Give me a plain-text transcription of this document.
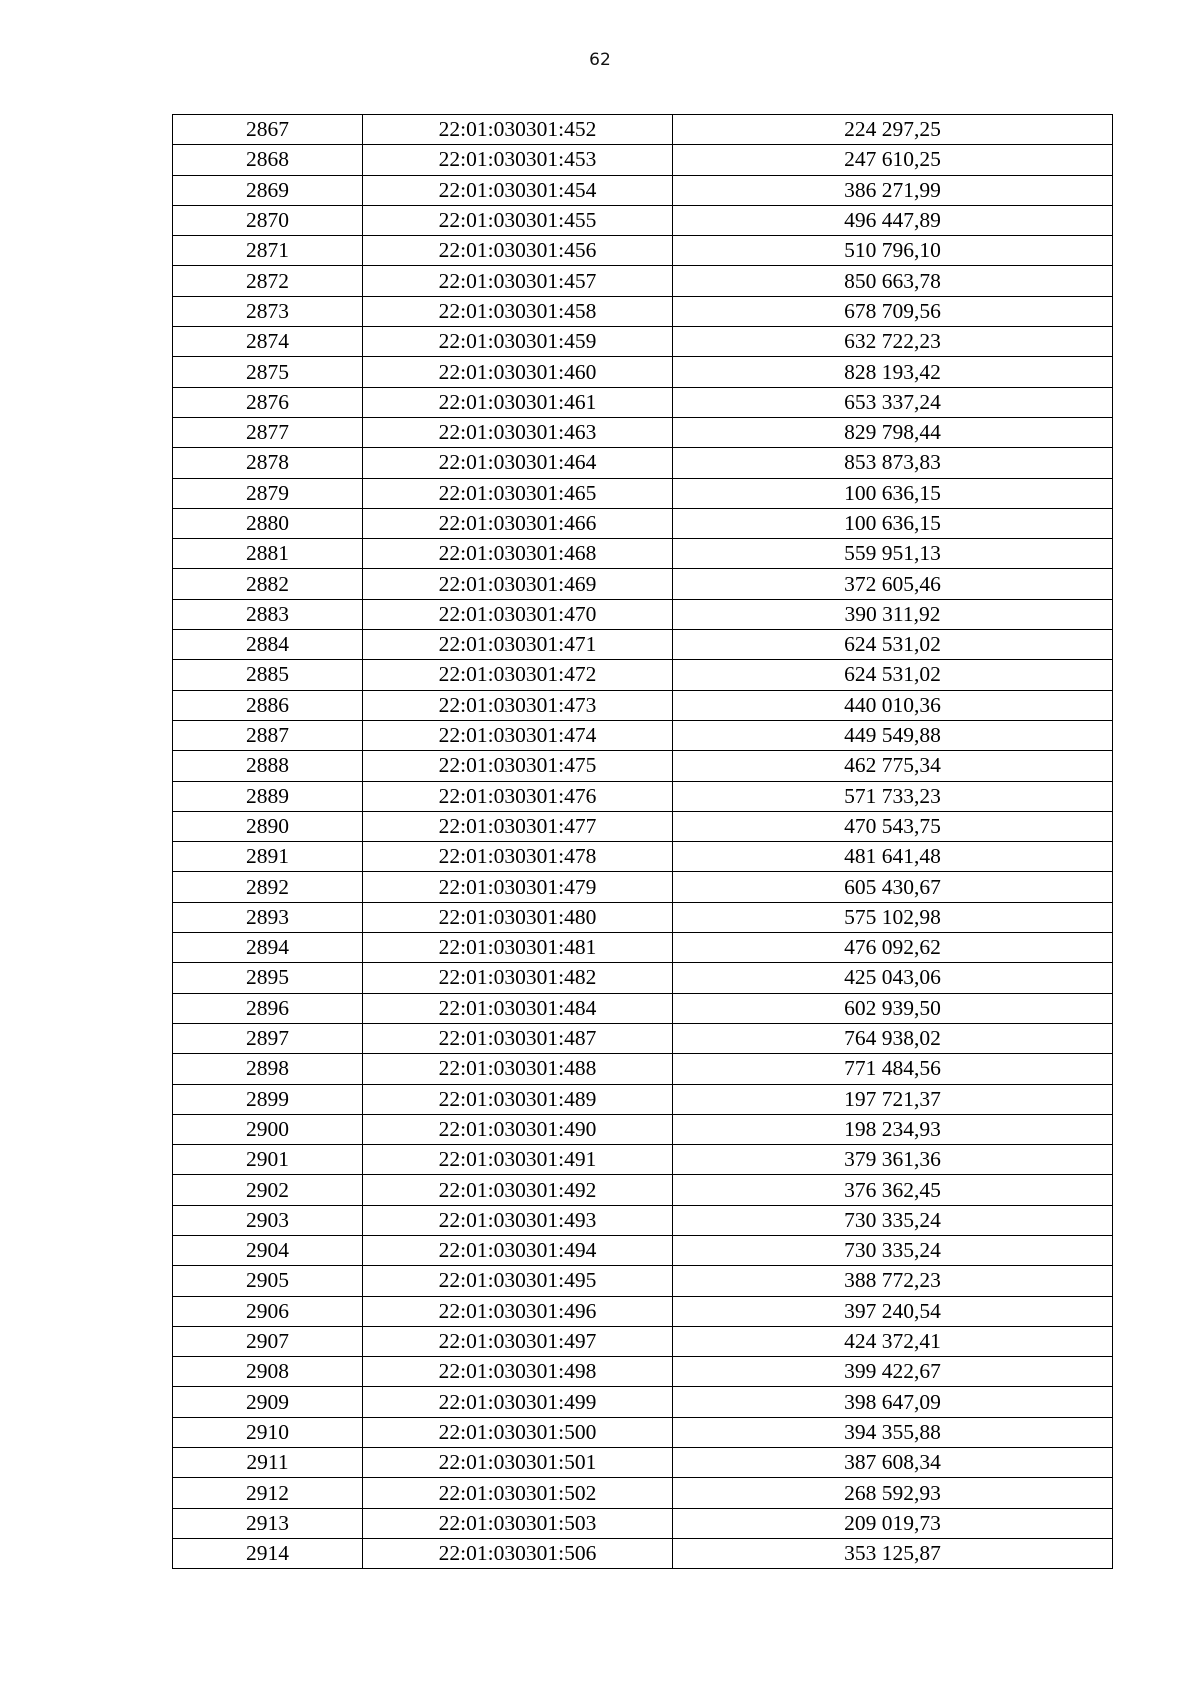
62
2867	22:01:030301:452	224 297,25
2868	22:01:030301:453	247 610,25
2869	22:01:030301:454	386 271,99
2870	22:01:030301:455	496 447,89
2871	22:01:030301:456	510 796,10
2872	22:01:030301:457	850 663,78
2873	22:01:030301:458	678 709,56
2874	22:01:030301:459	632 722,23
2875	22:01:030301:460	828 193,42
2876	22:01:030301:461	653 337,24
2877	22:01:030301:463	829 798,44
2878	22:01:030301:464	853 873,83
2879	22:01:030301:465	100 636,15
2880	22:01:030301:466	100 636,15
2881	22:01:030301:468	559 951,13
2882	22:01:030301:469	372 605,46
2883	22:01:030301:470	390 311,92
2884	22:01:030301:471	624 531,02
2885	22:01:030301:472	624 531,02
2886	22:01:030301:473	440 010,36
2887	22:01:030301:474	449 549,88
2888	22:01:030301:475	462 775,34
2889	22:01:030301:476	571 733,23
2890	22:01:030301:477	470 543,75
2891	22:01:030301:478	481 641,48
2892	22:01:030301:479	605 430,67
2893	22:01:030301:480	575 102,98
2894	22:01:030301:481	476 092,62
2895	22:01:030301:482	425 043,06
2896	22:01:030301:484	602 939,50
2897	22:01:030301:487	764 938,02
2898	22:01:030301:488	771 484,56
2899	22:01:030301:489	197 721,37
2900	22:01:030301:490	198 234,93
2901	22:01:030301:491	379 361,36
2902	22:01:030301:492	376 362,45
2903	22:01:030301:493	730 335,24
2904	22:01:030301:494	730 335,24
2905	22:01:030301:495	388 772,23
2906	22:01:030301:496	397 240,54
2907	22:01:030301:497	424 372,41
2908	22:01:030301:498	399 422,67
2909	22:01:030301:499	398 647,09
2910	22:01:030301:500	394 355,88
2911	22:01:030301:501	387 608,34
2912	22:01:030301:502	268 592,93
2913	22:01:030301:503	209 019,73
2914	22:01:030301:506	353 125,87
